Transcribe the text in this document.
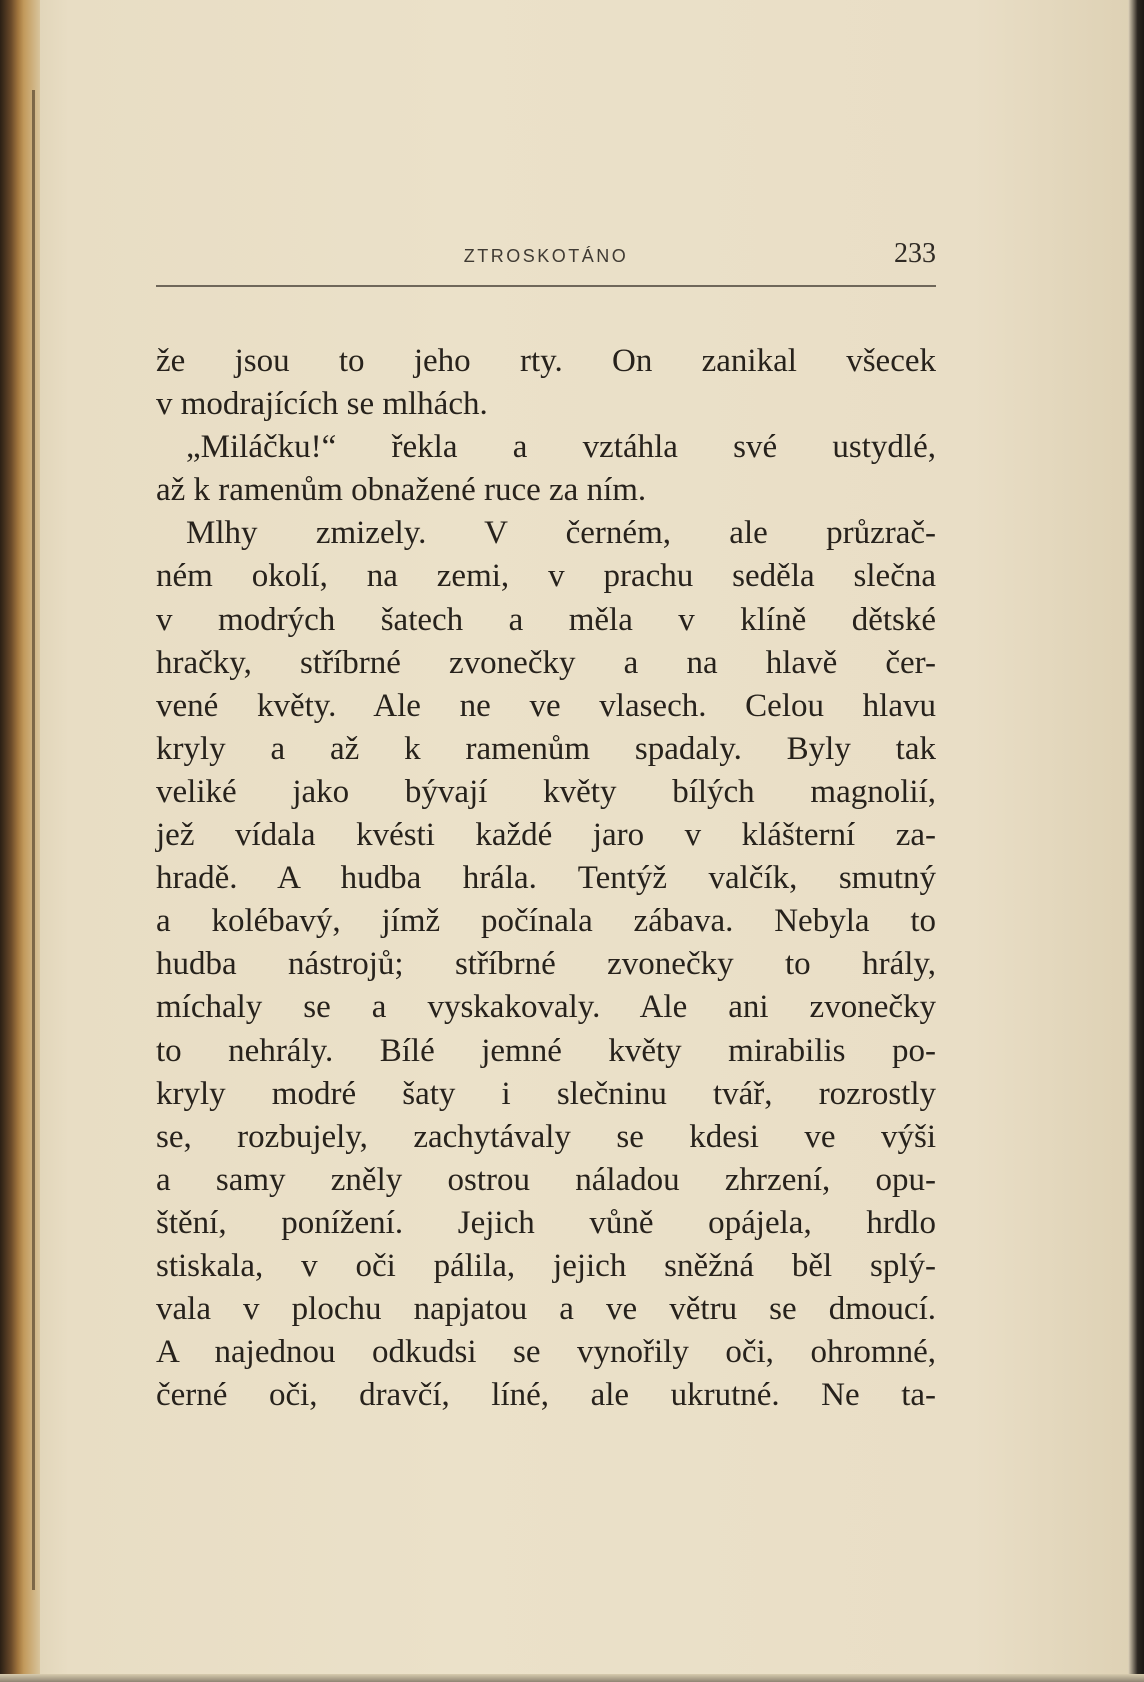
ZTROSKOTÁNO	233
že jsou to jeho rty. On zanikal všecek
v modrajících se mlhách.
„Miláčku!“ řekla a vztáhla své ustydlé,
až k ramenům obnažené ruce za ním.
Mlhy zmizely. V černém, ale průzrač-
ném okolí, na zemi, v prachu seděla slečna
v modrých šatech a měla v klíně dětské
hračky, stříbrné zvonečky a na hlavě čer-
vené květy. Ale ne ve vlasech. Celou hlavu
kryly a až k ramenům spadaly. Byly tak
veliké jako bývají květy bílých magnolií,
jež vídala kvésti každé jaro v klášterní za-
hradě. A hudba hrála. Tentýž valčík, smutný
a kolébavý, jímž počínala zábava. Nebyla to
hudba nástrojů; stříbrné zvonečky to hrály,
míchaly se a vyskakovaly. Ale ani zvonečky
to nehrály. Bílé jemné květy mirabilis po-
kryly modré šaty i slečninu tvář, rozrostly
se, rozbujely, zachytávaly se kdesi ve výši
a samy zněly ostrou náladou zhrzení, opu-
štění, ponížení. Jejich vůně opájela, hrdlo
stiskala, v oči pálila, jejich sněžná běl splý-
vala v plochu napjatou a ve větru se dmoucí.
A najednou odkudsi se vynořily oči, ohromné,
černé oči, dravčí, líné, ale ukrutné. Ne ta-
